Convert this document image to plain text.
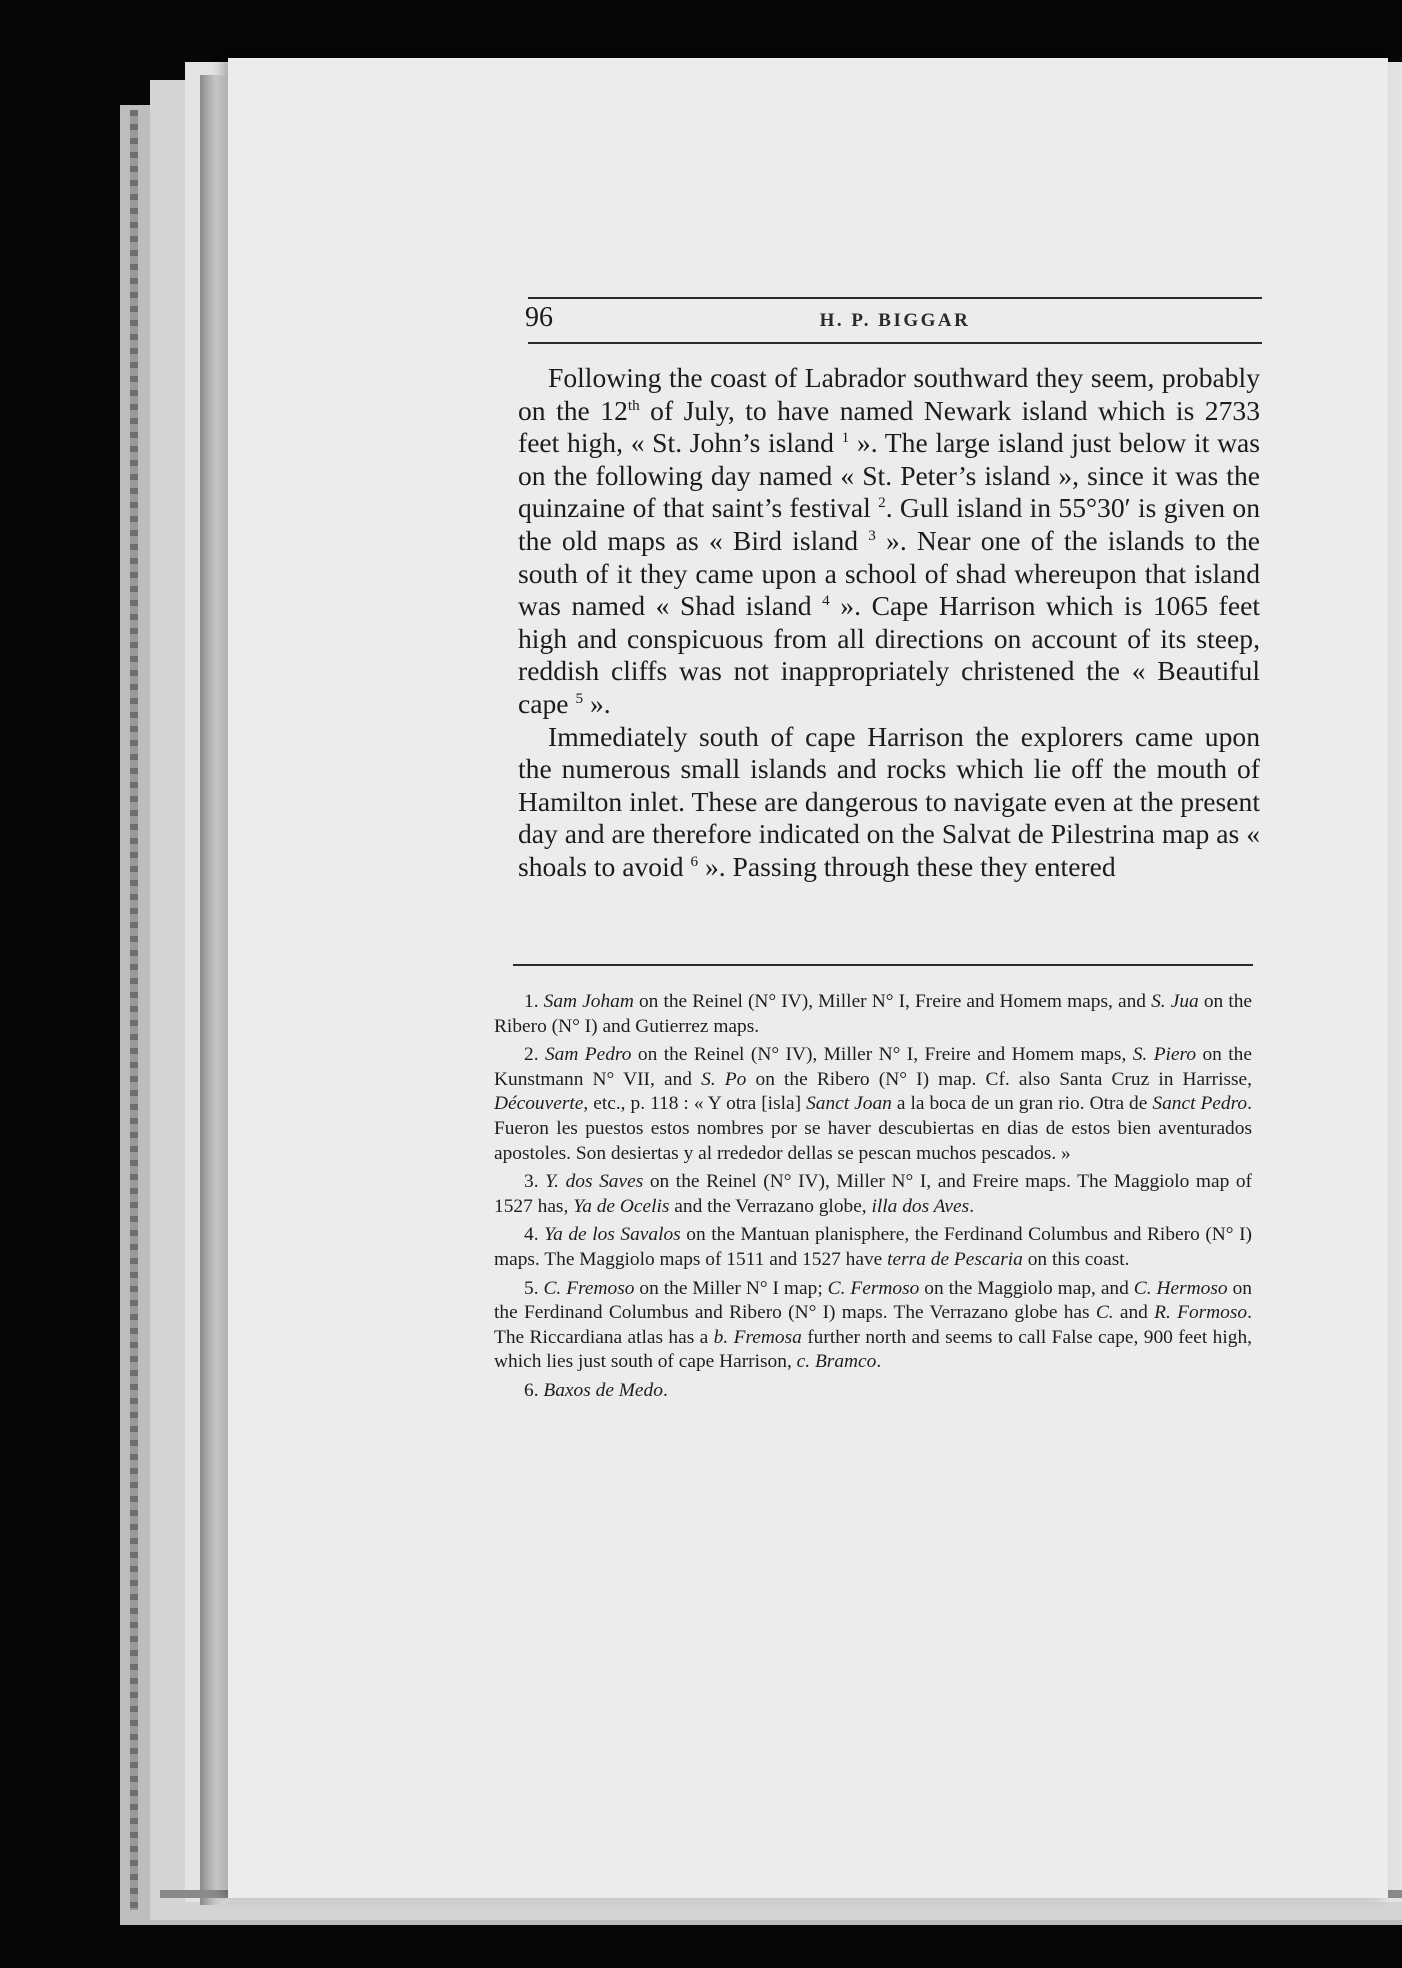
96	H. P. BIGGAR

Following the coast of Labrador southward they seem, probably on the 12th of July, to have named Newark island which is 2733 feet high, « St. John’s island $^1$ ». The large island just below it was on the following day named « St. Peter’s island », since it was the quinzaine of that saint’s festival $^2$. Gull island in 55°30′ is given on the old maps as « Bird island $^3$ ». Near one of the islands to the south of it they came upon a school of shad whereupon that island was named « Shad island $^4$ ». Cape Harrison which is 1065 feet high and conspicuous from all directions on account of its steep, reddish cliffs was not inappropriately christened the « Beautiful cape $^5$ ».

Immediately south of cape Harrison the explorers came upon the numerous small islands and rocks which lie off the mouth of Hamilton inlet. These are dangerous to navigate even at the present day and are therefore indicated on the Salvat de Pilestrina map as « shoals to avoid $^6$ ». Passing through these they entered

1. Sam Joham on the Reinel (N° IV), Miller N° I, Freire and Homem maps, and S. Jua on the Ribero (N° I) and Gutierrez maps.

2. Sam Pedro on the Reinel (N° IV), Miller N° I, Freire and Homem maps, S. Piero on the Kunstmann N° VII, and S. Po on the Ribero (N° I) map. Cf. also Santa Cruz in Harrisse, Découverte, etc., p. 118 : « Y otra [isla] Sanct Joan a la boca de un gran rio. Otra de Sanct Pedro. Fueron les puestos estos nombres por se haver descubiertas en dias de estos bien aventurados apostoles. Son desiertas y al rrededor dellas se pescan muchos pescados. »

3. Y. dos Saves on the Reinel (N° IV), Miller N° I, and Freire maps. The Maggiolo map of 1527 has, Ya de Ocelis and the Verrazano globe, illa dos Aves.

4. Ya de los Savalos on the Mantuan planisphere, the Ferdinand Columbus and Ribero (N° I) maps. The Maggiolo maps of 1511 and 1527 have terra de Pescaria on this coast.

5. C. Fremoso on the Miller N° I map; C. Fermoso on the Maggiolo map, and C. Hermoso on the Ferdinand Columbus and Ribero (N° I) maps. The Verrazano globe has C. and R. Formoso. The Riccardiana atlas has a b. Fremosa further north and seems to call False cape, 900 feet high, which lies just south of cape Harrison, c. Bramco.

6. Baxos de Medo.
